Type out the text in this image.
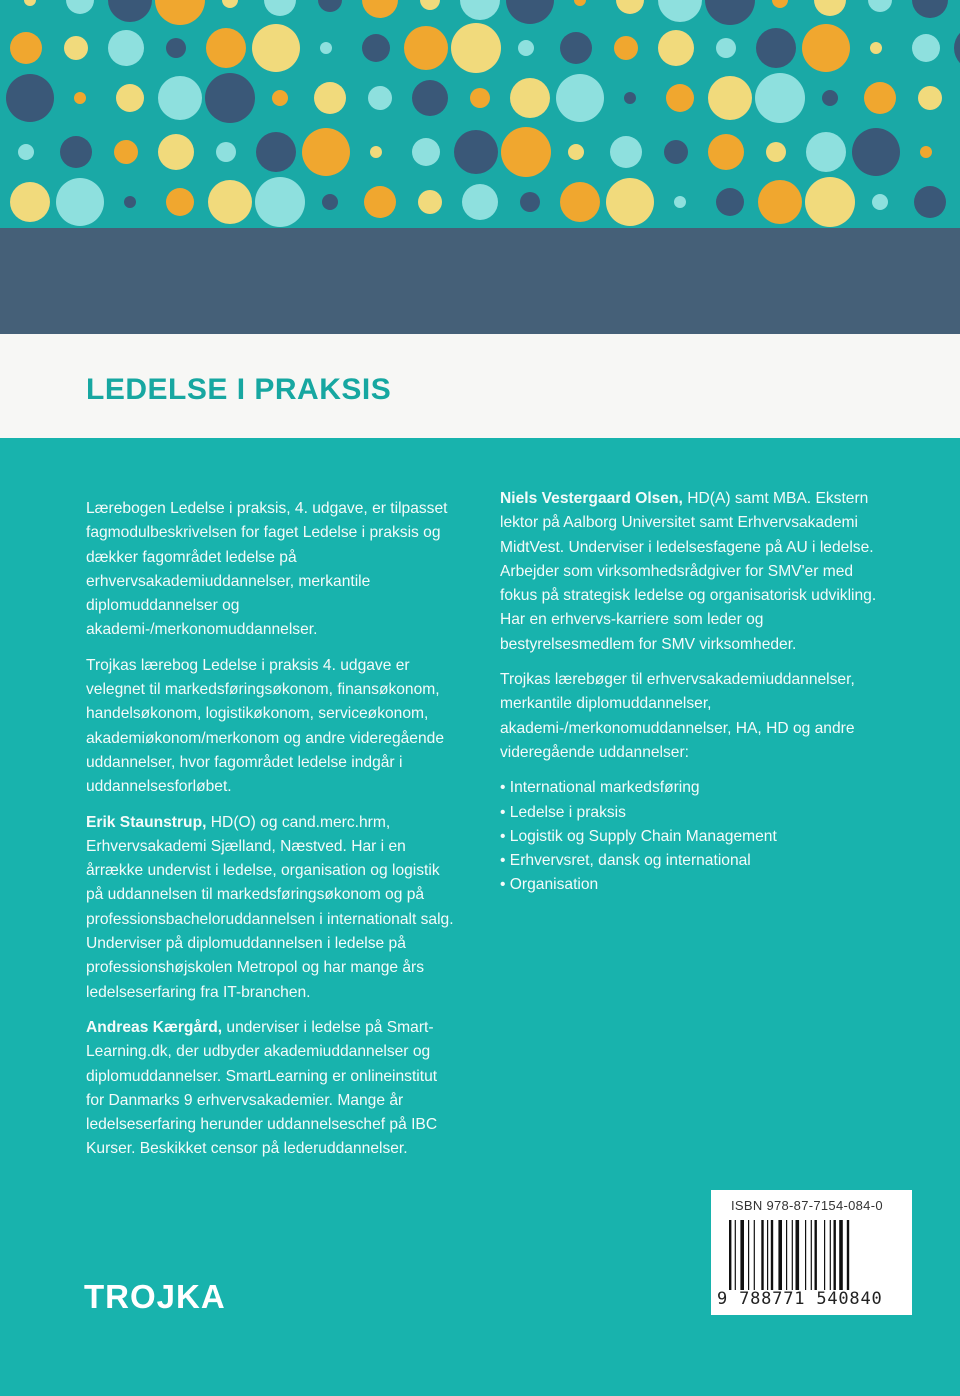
LEDELSE I PRAKSIS

Lærebogen Ledelse i praksis, 4. udgave, er tilpasset fagmodulbeskrivelsen for faget Ledelse i praksis og dækker fagområdet ledelse på erhvervsakademiuddannelser, merkantile diplomuddannelser og akademi-/merkonomuddannelser.

Trojkas lærebog Ledelse i praksis 4. udgave er velegnet til markedsføringsøkonom, finansøkonom, handelsøkonom, logistikøkonom, serviceøkonom, akademiøkonom/merkonom og andre videregående uddannelser, hvor fagområdet ledelse indgår i uddannelsesforløbet.

Erik Staunstrup, HD(O) og cand.merc.hrm, Erhvervsakademi Sjælland, Næstved. Har i en årrække undervist i ledelse, organisation og logistik på uddannelsen til markedsføringsøkonom og på professionsbacheloruddannelsen i internationalt salg. Underviser på diplomuddannelsen i ledelse på professionshøjskolen Metropol og har mange års ledelseserfaring fra IT-branchen.

Andreas Kærgård, underviser i ledelse på Smart-Learning.dk, der udbyder akademiuddannelser og diplomuddannelser. SmartLearning er onlineinstitut for Danmarks 9 erhvervsakademier. Mange år ledelseserfaring herunder uddannelseschef på IBC Kurser. Beskikket censor på lederuddannelser.

Niels Vestergaard Olsen, HD(A) samt MBA. Ekstern lektor på Aalborg Universitet samt Erhvervsakademi MidtVest. Underviser i ledelsesfagene på AU i ledelse. Arbejder som virksomhedsrådgiver for SMV'er med fokus på strategisk ledelse og organisatorisk udvikling. Har en erhvervs-karriere som leder og bestyrelsesmedlem for SMV virksomheder.

Trojkas lærebøger til erhvervsakademiuddannelser, merkantile diplomuddannelser, akademi-/merkonomuddannelser, HA, HD og andre videregående uddannelser:

• International markedsføring
• Ledelse i praksis
• Logistik og Supply Chain Management
• Erhvervsret, dansk og international
• Organisation
TROJKA
ISBN 978-87-7154-084-0
9 788771 540840
